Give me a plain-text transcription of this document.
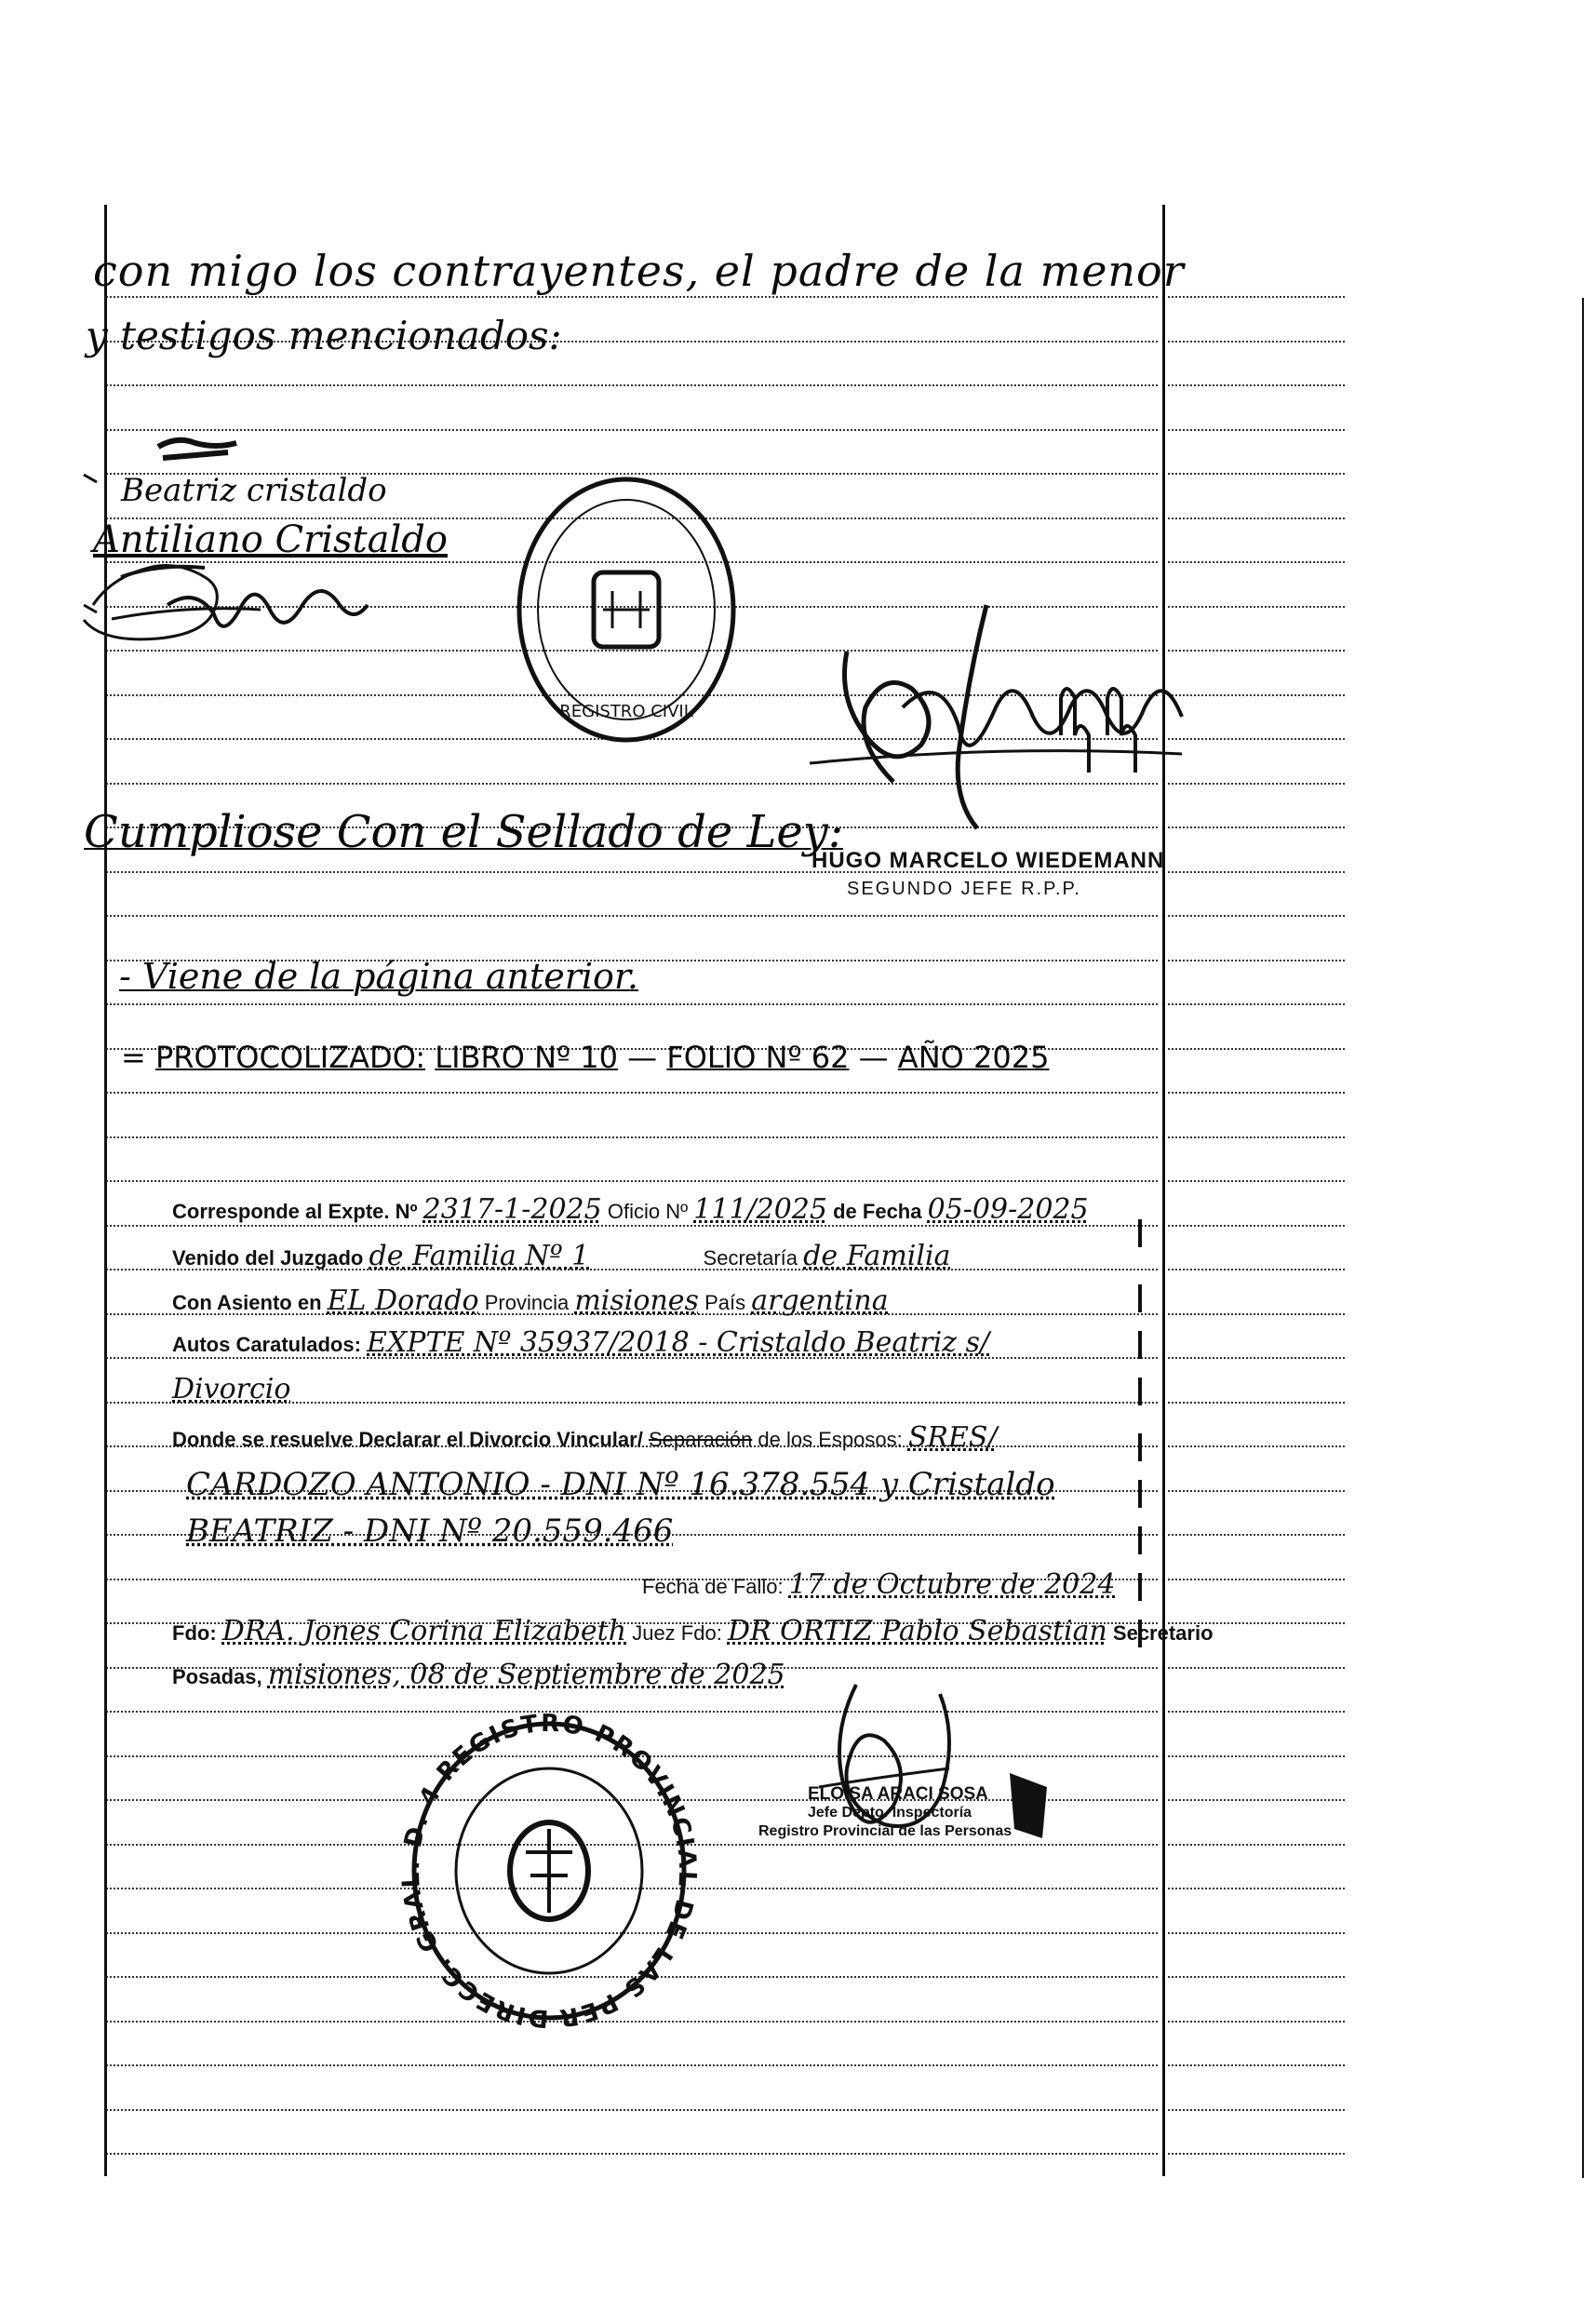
con migo los contrayentes, el padre de la menor
y testigos mencionados:
Beatriz cristaldo
Antiliano Cristaldo
REGISTRO CIVIL
Cumpliose Con el Sellado de Ley:
HUGO MARCELO WIEDEMANN
SEGUNDO JEFE R.P.P.
- Viene de la página anterior.
= PROTOCOLIZADO: LIBRO Nº 10 — FOLIO Nº 62 — AÑO 2025
Corresponde al Expte. Nº 2317-1-2025 Oficio Nº 111/2025 de Fecha 05-09-2025
Venido del Juzgado de Familia Nº 1	Secretaría de Familia
Con Asiento en EL Dorado Provincia misiones País argentina
Autos Caratulados: EXPTE Nº 35937/2018 - Cristaldo Beatriz s/
Divorcio
Donde se resuelve Declarar el Divorcio Vincular/ Separación de los Esposos: SRES/
CARDOZO ANTONIO - DNI Nº 16.378.554 y Cristaldo
BEATRIZ - DNI Nº 20.559.466
Fecha de Fallo: 17 de Octubre de 2024
Fdo: DRA. Jones Corina Elizabeth Juez Fdo: DR ORTIZ Pablo Sebastian Secretario
Posadas, misiones, 08 de Septiembre de 2025
DIRECC. GRAL. D. 4 REGISTRO PROVINCIAL DE LAS PERSONAS - MINISTERIO DE GOBIERNO
ELOISA ARACI SOSA
Jefe Depto. Inspectoría
Registro Provincial de las Personas
